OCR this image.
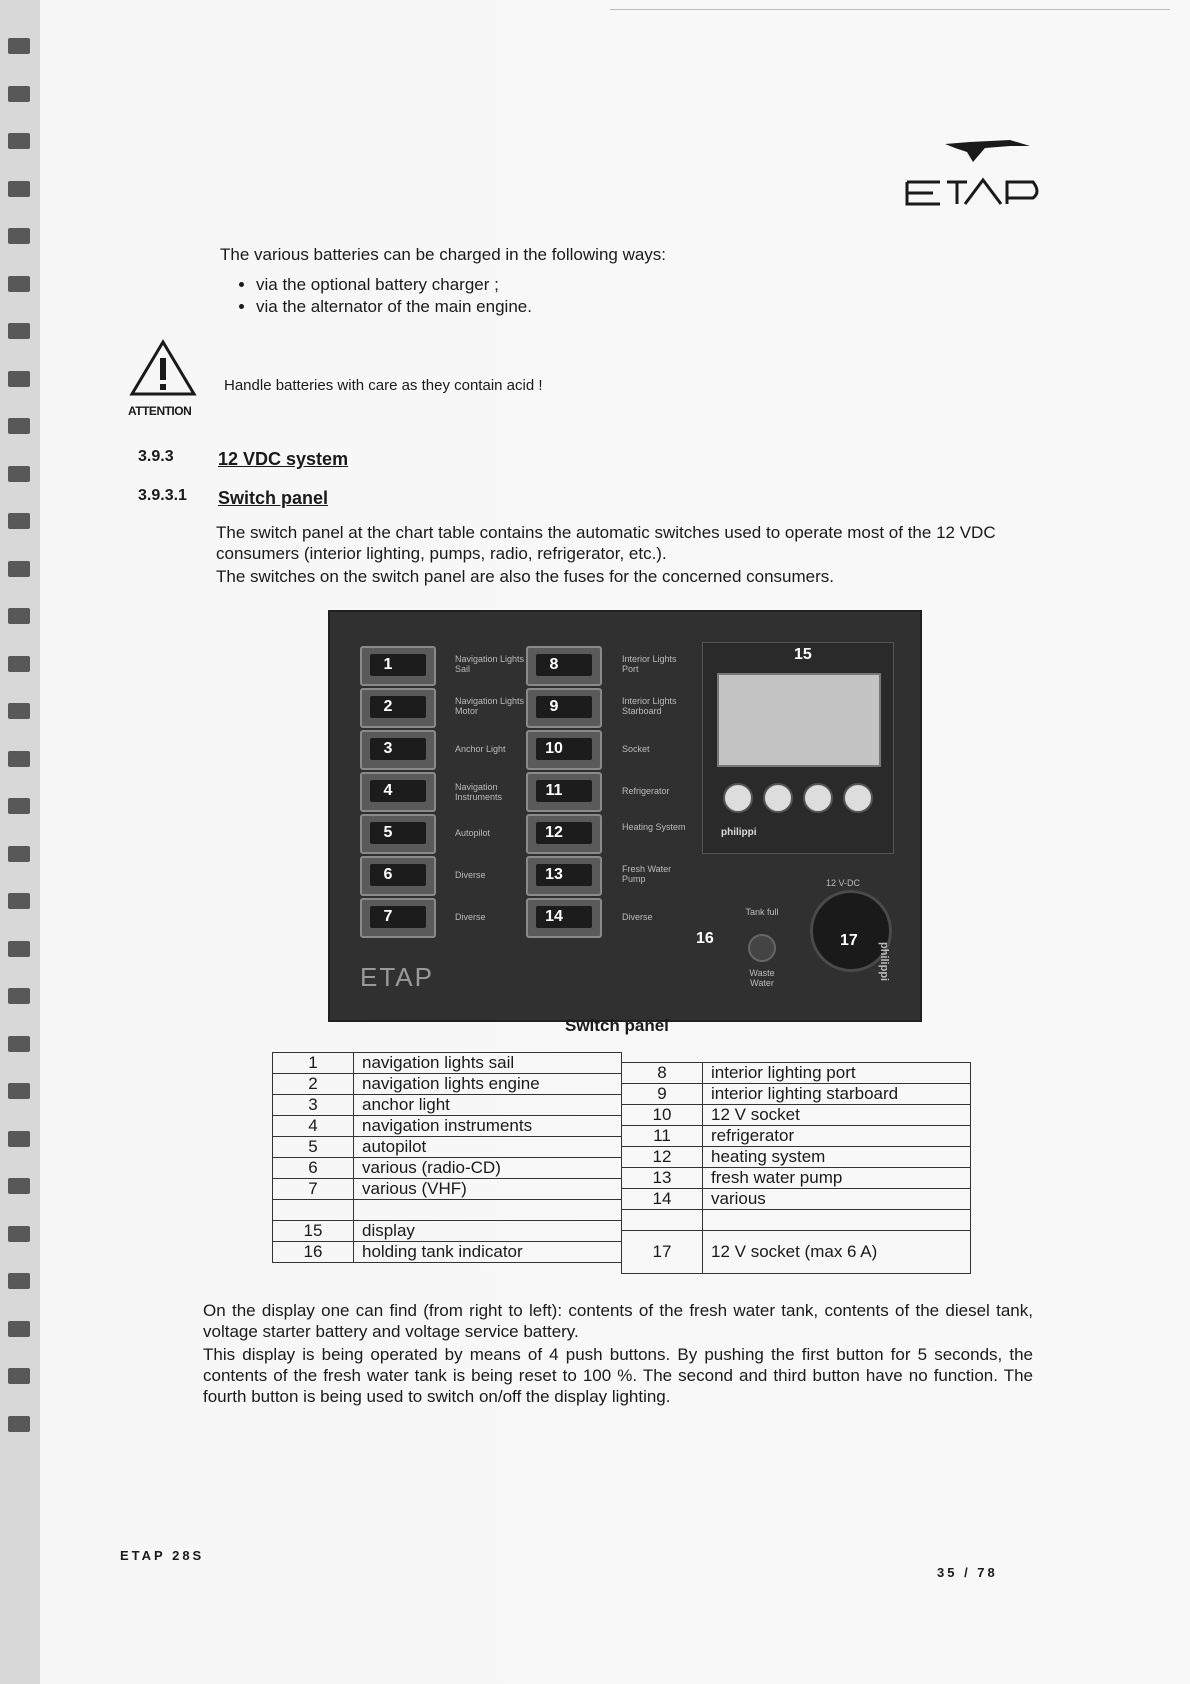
The various batteries can be charged in the following ways:
• via the optional battery charger ;
• via the alternator of the main engine.
Handle batteries with care as they contain acid !
ATTENTION
3.9.3 12 VDC system
3.9.3.1 Switch panel
The switch panel at the chart table contains the automatic switches used to operate most of the 12 VDC consumers (interior lighting, pumps, radio, refrigerator, etc.).
The switches on the switch panel are also the fuses for the concerned consumers.
1	Navigation Lights Sail
2	Navigation Lights Motor
3	Anchor Light
4	Navigation Instruments
5	Autopilot
6	Diverse
7	Diverse
8	Interior Lights Port
9	Interior Lights Starboard
10	Socket
11	Refrigerator
12	Heating System
13	Fresh Water Pump
14	Diverse
philippi
15
Tank full
Waste Water
16
12 V-DC
17
philippi
ETAP
Switch panel
1	navigation lights sail
2	navigation lights engine
3	anchor light
4	navigation instruments
5	autopilot
6	various (radio-CD)
7	various (VHF)

15	display
16	holding tank indicator
8	interior lighting port
9	interior lighting starboard
10	12 V socket
11	refrigerator
12	heating system
13	fresh water pump
14	various

17	12 V socket (max 6 A)
On the display one can find (from right to left): contents of the fresh water tank, contents of the diesel tank, voltage starter battery and voltage service battery.
This display is being operated by means of 4 push buttons. By pushing the first button for 5 seconds, the contents of the fresh water tank is being reset to 100 %. The second and third button have no function. The fourth button is being used to switch on/off the display lighting.
ETAP 28S
35 / 78
